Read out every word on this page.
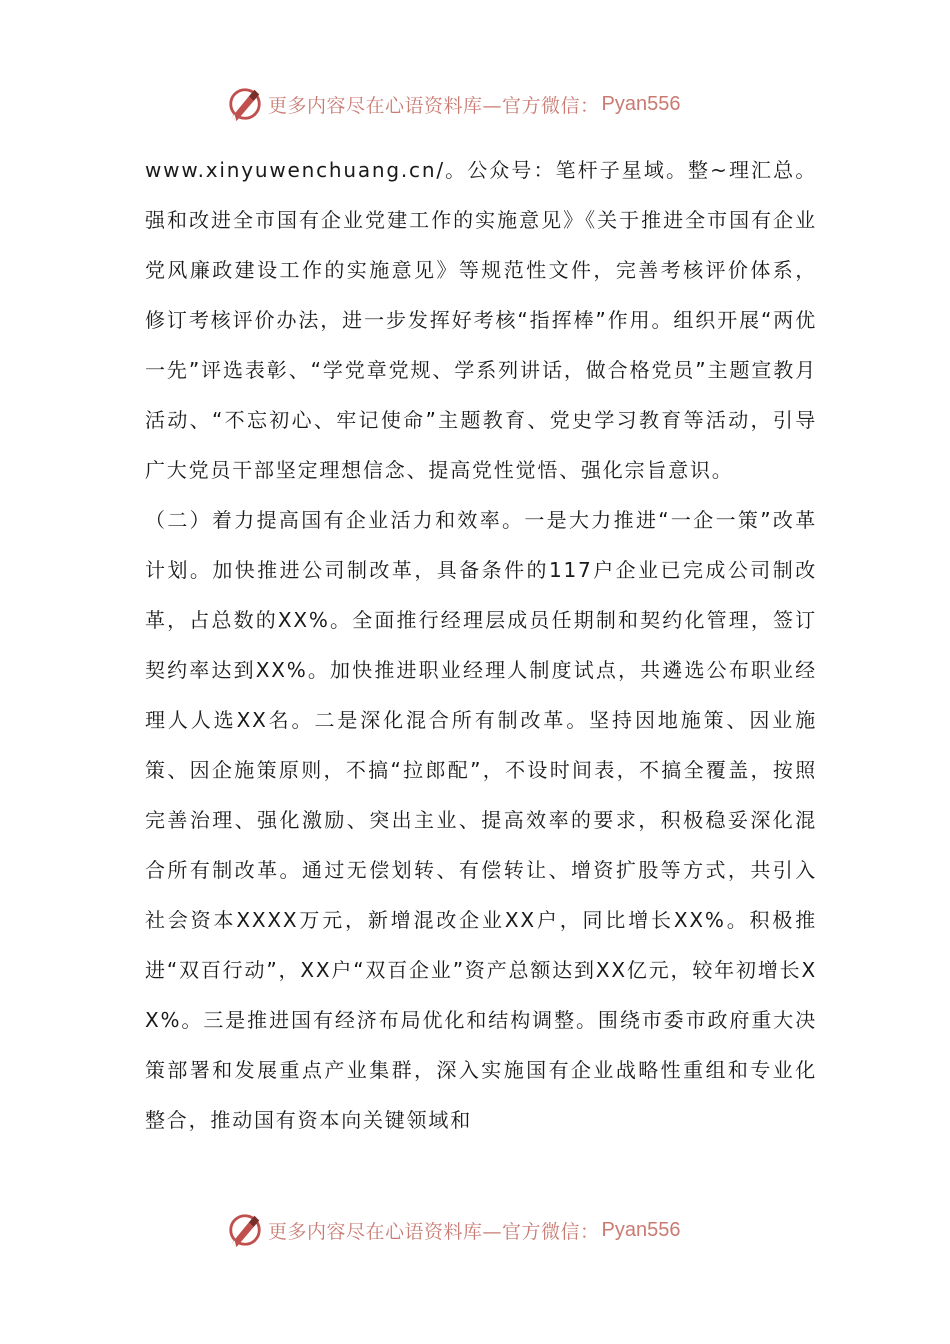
更多内容尽在心语资料库—官方微信： Pyan556

www.xinyuwenchuang.cn/。公众号：笔杆子星域。整~理汇总。强和改进全市国有企业党建工作的实施意见》《关于推进全市国有企业党风廉政建设工作的实施意见》等规范性文件，完善考核评价体系，修订考核评价办法，进一步发挥好考核“指挥棒”作用。组织开展“两优一先”评选表彰、“学党章党规、学系列讲话，做合格党员”主题宣教月活动、“不忘初心、牢记使命”主题教育、党史学习教育等活动，引导广大党员干部坚定理想信念、提高党性觉悟、强化宗旨意识。

（二）着力提高国有企业活力和效率。一是大力推进“一企一策”改革计划。加快推进公司制改革，具备条件的117户企业已完成公司制改革，占总数的XX%。全面推行经理层成员任期制和契约化管理，签订契约率达到XX%。加快推进职业经理人制度试点，共遴选公布职业经理人人选XX名。二是深化混合所有制改革。坚持因地施策、因业施策、因企施策原则，不搞“拉郎配”，不设时间表，不搞全覆盖，按照完善治理、强化激励、突出主业、提高效率的要求，积极稳妥深化混合所有制改革。通过无偿划转、有偿转让、增资扩股等方式，共引入社会资本XXXX万元，新增混改企业XX户，同比增长XX%。积极推进“双百行动”，XX户“双百企业”资产总额达到XX亿元，较年初增长XX%。三是推进国有经济布局优化和结构调整。围绕市委市政府重大决策部署和发展重点产业集群，深入实施国有企业战略性重组和专业化整合，推动国有资本向关键领域和

更多内容尽在心语资料库—官方微信： Pyan556
